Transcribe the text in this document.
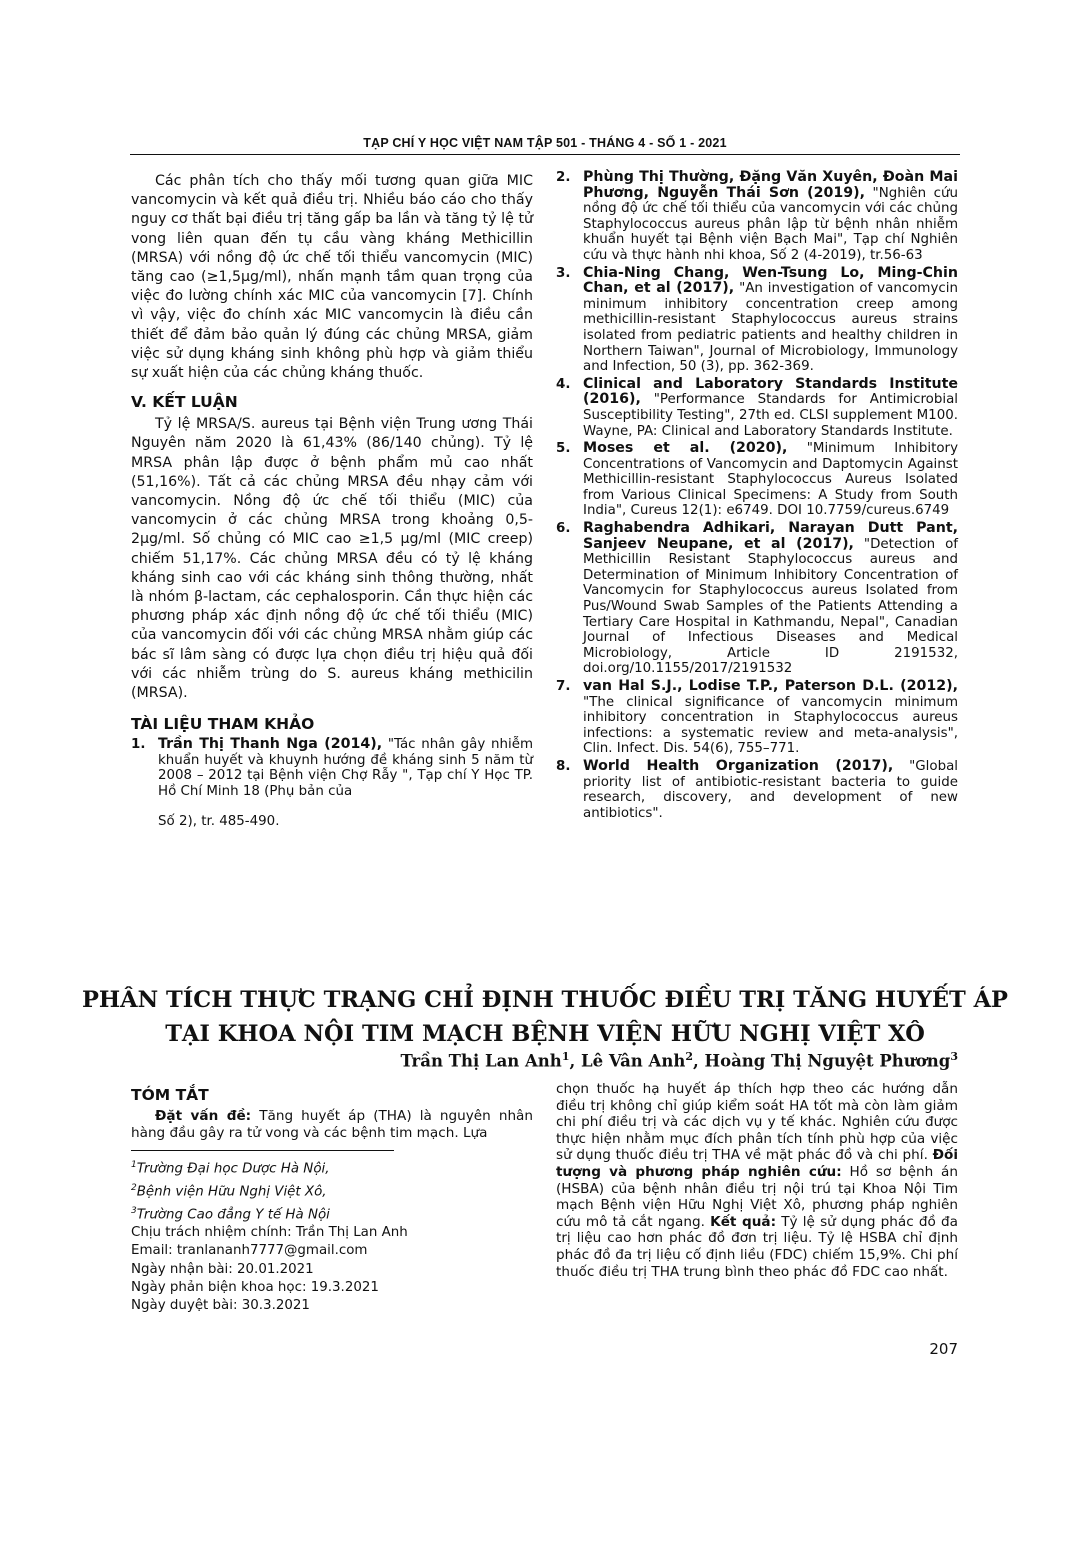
TẠP CHÍ Y HỌC VIỆT NAM TẬP 501 - THÁNG 4 - SỐ 1 - 2021

Các phân tích cho thấy mối tương quan giữa MIC vancomycin và kết quả điều trị. Nhiều báo cáo cho thấy nguy cơ thất bại điều trị tăng gấp ba lần và tăng tỷ lệ tử vong liên quan đến tụ cầu vàng kháng Methicillin (MRSA) với nồng độ ức chế tối thiểu vancomycin (MIC) tăng cao (≥1,5µg/ml), nhấn mạnh tầm quan trọng của việc đo lường chính xác MIC của vancomycin [7]. Chính vì vậy, việc đo chính xác MIC vancomycin là điều cần thiết để đảm bảo quản lý đúng các chủng MRSA, giảm việc sử dụng kháng sinh không phù hợp và giảm thiểu sự xuất hiện của các chủng kháng thuốc.

V. KẾT LUẬN

Tỷ lệ MRSA/S. aureus tại Bệnh viện Trung ương Thái Nguyên năm 2020 là 61,43% (86/140 chủng). Tỷ lệ MRSA phân lập được ở bệnh phẩm mủ cao nhất (51,16%). Tất cả các chủng MRSA đều nhạy cảm với vancomycin. Nồng độ ức chế tối thiểu (MIC) của vancomycin ở các chủng MRSA trong khoảng 0,5-2µg/ml. Số chủng có MIC cao ≥1,5 µg/ml (MIC creep) chiếm 51,17%. Các chủng MRSA đều có tỷ lệ kháng kháng sinh cao với các kháng sinh thông thường, nhất là nhóm β-lactam, các cephalosporin. Cần thực hiện các phương pháp xác định nồng độ ức chế tối thiểu (MIC) của vancomycin đối với các chủng MRSA nhằm giúp các bác sĩ lâm sàng có được lựa chọn điều trị hiệu quả đối với các nhiễm trùng do S. aureus kháng methicilin (MRSA).

TÀI LIỆU THAM KHẢO
1. Trần Thị Thanh Nga (2014), "Tác nhân gây nhiễm khuẩn huyết và khuynh hướng đề kháng sinh 5 năm từ 2008 – 2012 tại Bệnh viện Chợ Rẫy ", Tạp chí Y Học TP. Hồ Chí Minh 18 (Phụ bản của
Số 2), tr. 485-490.
2. Phùng Thị Thường, Đặng Văn Xuyên, Đoàn Mai Phương, Nguyễn Thái Sơn (2019), "Nghiên cứu nồng độ ức chế tối thiểu của vancomycin với các chủng Staphylococcus aureus phân lập từ bệnh nhân nhiễm khuẩn huyết tại Bệnh viện Bạch Mai", Tạp chí Nghiên cứu và thực hành nhi khoa, Số 2 (4-2019), tr.56-63
3. Chia-Ning Chang, Wen-Tsung Lo, Ming-Chin Chan, et al (2017), "An investigation of vancomycin minimum inhibitory concentration creep among methicillin-resistant Staphylococcus aureus strains isolated from pediatric patients and healthy children in Northern Taiwan", Journal of Microbiology, Immunology and Infection, 50 (3), pp. 362-369.
4. Clinical and Laboratory Standards Institute (2016), "Performance Standards for Antimicrobial Susceptibility Testing", 27th ed. CLSI supplement M100. Wayne, PA: Clinical and Laboratory Standards Institute.
5. Moses et al. (2020), "Minimum Inhibitory Concentrations of Vancomycin and Daptomycin Against Methicillin-resistant Staphylococcus Aureus Isolated from Various Clinical Specimens: A Study from South India", Cureus 12(1): e6749. DOI 10.7759/cureus.6749
6. Raghabendra Adhikari, Narayan Dutt Pant, Sanjeev Neupane, et al (2017), "Detection of Methicillin Resistant Staphylococcus aureus and Determination of Minimum Inhibitory Concentration of Vancomycin for Staphylococcus aureus Isolated from Pus/Wound Swab Samples of the Patients Attending a Tertiary Care Hospital in Kathmandu, Nepal", Canadian Journal of Infectious Diseases and Medical Microbiology, Article ID 2191532, doi.org/10.1155/2017/2191532
7. van Hal S.J., Lodise T.P., Paterson D.L. (2012), "The clinical significance of vancomycin minimum inhibitory concentration in Staphylococcus aureus infections: a systematic review and meta-analysis", Clin. Infect. Dis. 54(6), 755–771.
8. World Health Organization (2017), "Global priority list of antibiotic-resistant bacteria to guide research, discovery, and development of new antibiotics".
PHÂN TÍCH THỰC TRẠNG CHỈ ĐỊNH THUỐC ĐIỀU TRỊ TĂNG HUYẾT ÁP
TẠI KHOA NỘI TIM MẠCH BỆNH VIỆN HỮU NGHỊ VIỆT XÔ
Trần Thị Lan Anh$^1$, Lê Vân Anh$^2$, Hoàng Thị Nguyệt Phương$^3$
TÓM TẮT

Đặt vấn đề: Tăng huyết áp (THA) là nguyên nhân hàng đầu gây ra tử vong và các bệnh tim mạch. Lựa

$^1$Trường Đại học Dược Hà Nội,

$^2$Bệnh viện Hữu Nghị Việt Xô,

$^3$Trường Cao đẳng Y tế Hà Nội

Chịu trách nhiệm chính: Trần Thị Lan Anh

Email: tranlananh7777@gmail.com

Ngày nhận bài: 20.01.2021

Ngày phản biện khoa học: 19.3.2021

Ngày duyệt bài: 30.3.2021

chọn thuốc hạ huyết áp thích hợp theo các hướng dẫn điều trị không chỉ giúp kiểm soát HA tốt mà còn làm giảm chi phí điều trị và các dịch vụ y tế khác. Nghiên cứu được thực hiện nhằm mục đích phân tích tính phù hợp của việc sử dụng thuốc điều trị THA về mặt phác đồ và chi phí. Đối tượng và phương pháp nghiên cứu: Hồ sơ bệnh án (HSBA) của bệnh nhân điều trị nội trú tại Khoa Nội Tim mạch Bệnh viện Hữu Nghị Việt Xô, phương pháp nghiên cứu mô tả cắt ngang. Kết quả: Tỷ lệ sử dụng phác đồ đa trị liệu cao hơn phác đồ đơn trị liệu. Tỷ lệ HSBA chỉ định phác đồ đa trị liệu cố định liều (FDC) chiếm 15,9%. Chi phí thuốc điều trị THA trung bình theo phác đồ FDC cao nhất.

207
